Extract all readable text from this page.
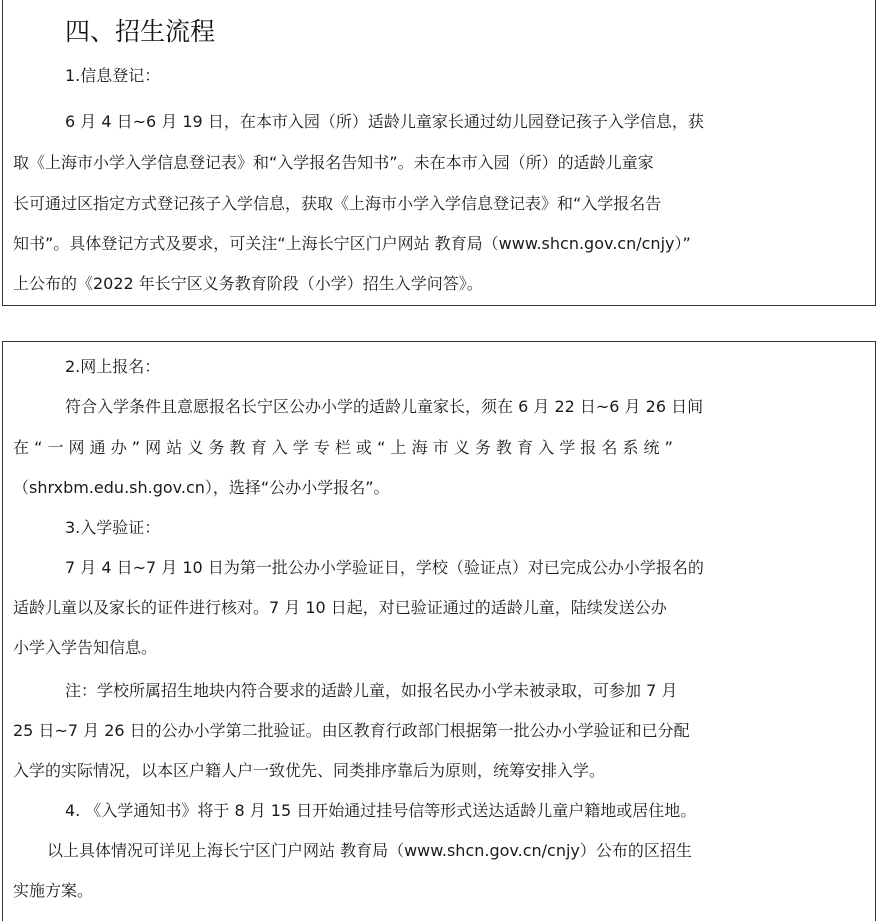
四、招生流程
1.信息登记：
6 月 4 日~6 月 19 日，在本市入园（所）适龄儿童家长通过幼儿园登记孩子入学信息，获
取《上海市小学入学信息登记表》和“入学报名告知书”。未在本市入园（所）的适龄儿童家
长可通过区指定方式登记孩子入学信息，获取《上海市小学入学信息登记表》和“入学报名告
知书”。具体登记方式及要求，可关注“上海长宁区门户网站 教育局（www.shcn.gov.cn/cnjy）”
上公布的《2022 年长宁区义务教育阶段（小学）招生入学问答》。
2.网上报名：
符合入学条件且意愿报名长宁区公办小学的适龄儿童家长，须在 6 月 22 日~6 月 26 日间
在 “ 一 网 通 办 ” 网 站 义 务 教 育 入 学 专 栏 或 “ 上 海 市 义 务 教 育 入 学 报 名 系 统 ”
（shrxbm.edu.sh.gov.cn），选择“公办小学报名”。
3.入学验证：
7 月 4 日~7 月 10 日为第一批公办小学验证日，学校（验证点）对已完成公办小学报名的
适龄儿童以及家长的证件进行核对。7 月 10 日起，对已验证通过的适龄儿童，陆续发送公办
小学入学告知信息。
注：学校所属招生地块内符合要求的适龄儿童，如报名民办小学未被录取，可参加 7 月
25 日~7 月 26 日的公办小学第二批验证。由区教育行政部门根据第一批公办小学验证和已分配
入学的实际情况，以本区户籍人户一致优先、同类排序靠后为原则，统筹安排入学。
4. 《入学通知书》将于 8 月 15 日开始通过挂号信等形式送达适龄儿童户籍地或居住地。
以上具体情况可详见上海长宁区门户网站 教育局（www.shcn.gov.cn/cnjy）公布的区招生
实施方案。
